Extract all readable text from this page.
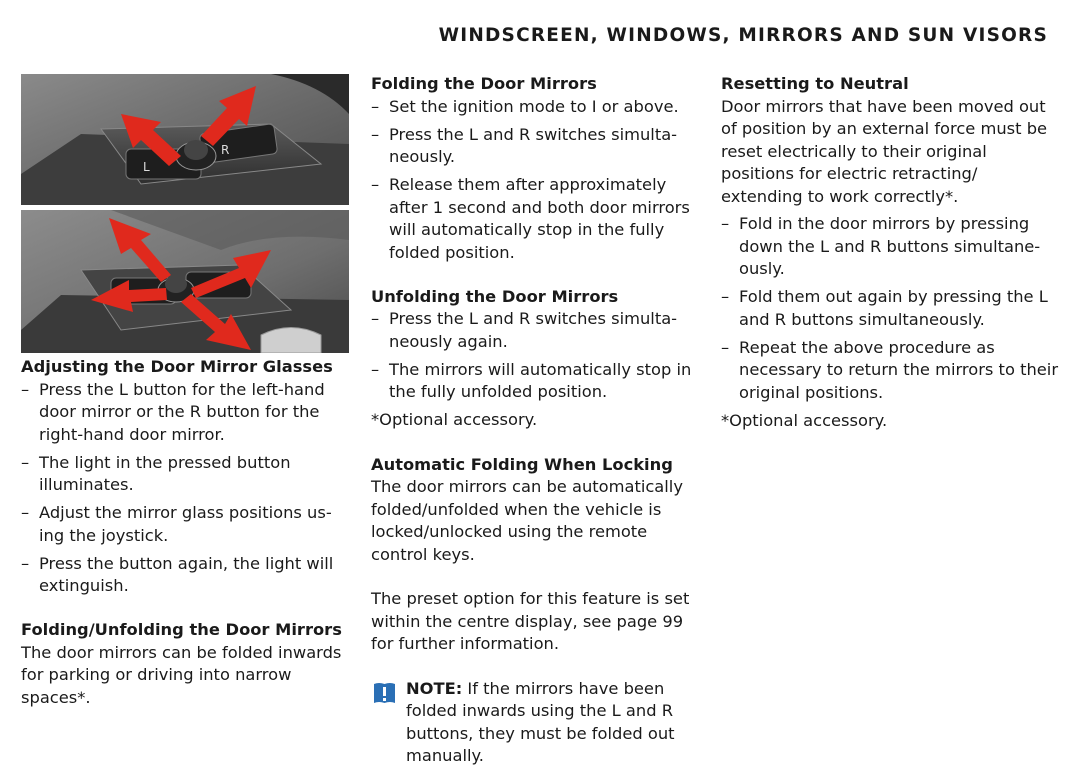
WINDSCREEN, WINDOWS, MIRRORS AND SUN VISORS
L
R

Adjusting the Door Mirror Glasses

– Press the L button for the left-hand door mirror or the R button for the right-hand door mirror.
– The light in the pressed button illuminates.
– Adjust the mirror glass positions us-ing the joystick.
– Press the button again, the light will extinguish.

Folding/Unfolding the Door Mirrors

The door mirrors can be folded inwards for parking or driving into narrow spaces*.

Folding the Door Mirrors

– Set the ignition mode to I or above.
– Press the L and R switches simulta-neously.
– Release them after approximately after 1 second and both door mirrors will automatically stop in the fully folded position.

Unfolding the Door Mirrors

– Press the L and R switches simulta-neously again.
– The mirrors will automatically stop in the fully unfolded position.

*Optional accessory.

Automatic Folding When Locking

The door mirrors can be automatically folded/unfolded when the vehicle is locked/unlocked using the remote control keys.

The preset option for this feature is set within the centre display, see page 99 for further information.

NOTE: If the mirrors have been folded inwards using the L and R buttons, they must be folded out manually.

Resetting to Neutral

Door mirrors that have been moved out of position by an external force must be reset electrically to their original positions for electric retracting/ extending to work correctly*.

– Fold in the door mirrors by pressing down the L and R buttons simultane-ously.
– Fold them out again by pressing the L and R buttons simultaneously.
– Repeat the above procedure as necessary to return the mirrors to their original positions.

*Optional accessory.
